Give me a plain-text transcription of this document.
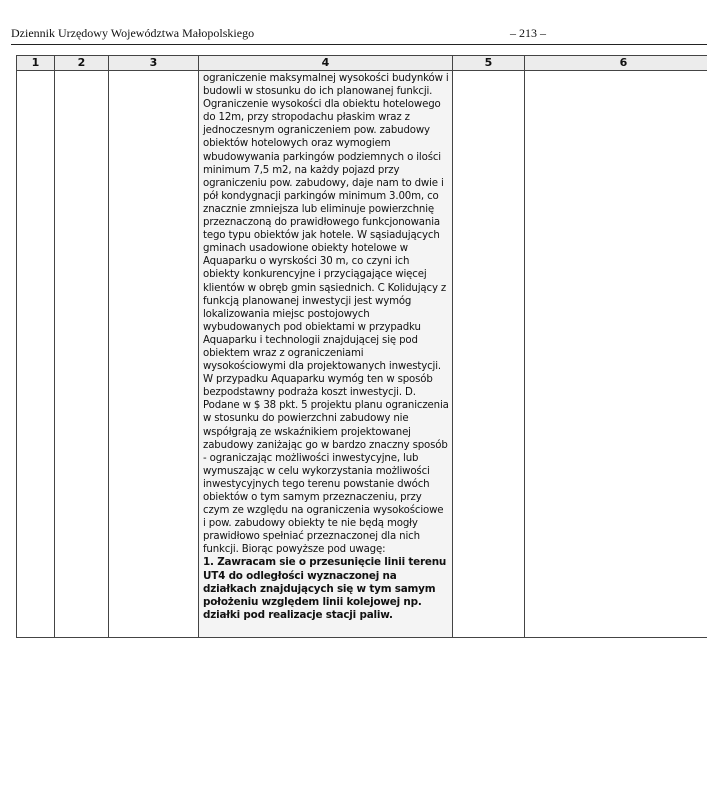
Dziennik Urzędowy Województwa Małopolskiego	– 213 –
1	2	3	4	5	6

			ograniczenie maksymalnej wysokości budynków i budowli w stosunku do ich planowanej funkcji. Ograniczenie wysokości dla obiektu hotelowego do 12m, przy stropodachu płaskim wraz z jednoczesnym ograniczeniem pow. zabudowy obiektów hotelowych oraz wymogiem wbudowywania parkingów podziemnych o ilości minimum 7,5 m2, na każdy pojazd przy ograniczeniu pow. zabudowy, daje nam to dwie i pół kondygnacji parkingów minimum 3.00m, co znacznie zmniejsza lub eliminuje powierzchnię przeznaczoną do prawidłowego funkcjonowania tego typu obiektów jak hotele. W sąsiadujących gminach usadowione obiekty hotelowe w Aquaparku o wyrskości 30 m, co czyni ich obiekty konkurencyjne i przyciągające więcej klientów w obręb gmin sąsiednich. C Kolidujący z funkcją planowanej inwestycji jest wymóg lokalizowania miejsc postojowych wybudowanych pod obiektami w przypadku Aquaparku i technologii znajdującej się pod obiektem wraz z ograniczeniami wysokościowymi dla projektowanych inwestycji. W przypadku Aquaparku wymóg ten w sposób bezpodstawny podraża koszt inwestycji. D. Podane w $ 38 pkt. 5 projektu planu ograniczenia w stosunku do powierzchni zabudowy nie współgrają ze wskaźnikiem projektowanej zabudowy zaniżając go w bardzo znaczny sposób - ograniczając możliwości inwestycyjne, lub wymuszając w celu wykorzystania możliwości inwestycyjnych tego terenu powstanie dwóch obiektów o tym samym przeznaczeniu, przy czym ze względu na ograniczenia wysokościowe i pow. zabudowy obiekty te nie będą mogły prawidłowo spełniać przeznaczonej dla nich funkcji. Biorąc powyższe pod uwagę:
1. Zawracam sie o przesunięcie linii terenu UT4 do odległości wyznaczonej na działkach znajdujących się w tym samym położeniu względem linii kolejowej np. działki pod realizacje stacji paliw.		
